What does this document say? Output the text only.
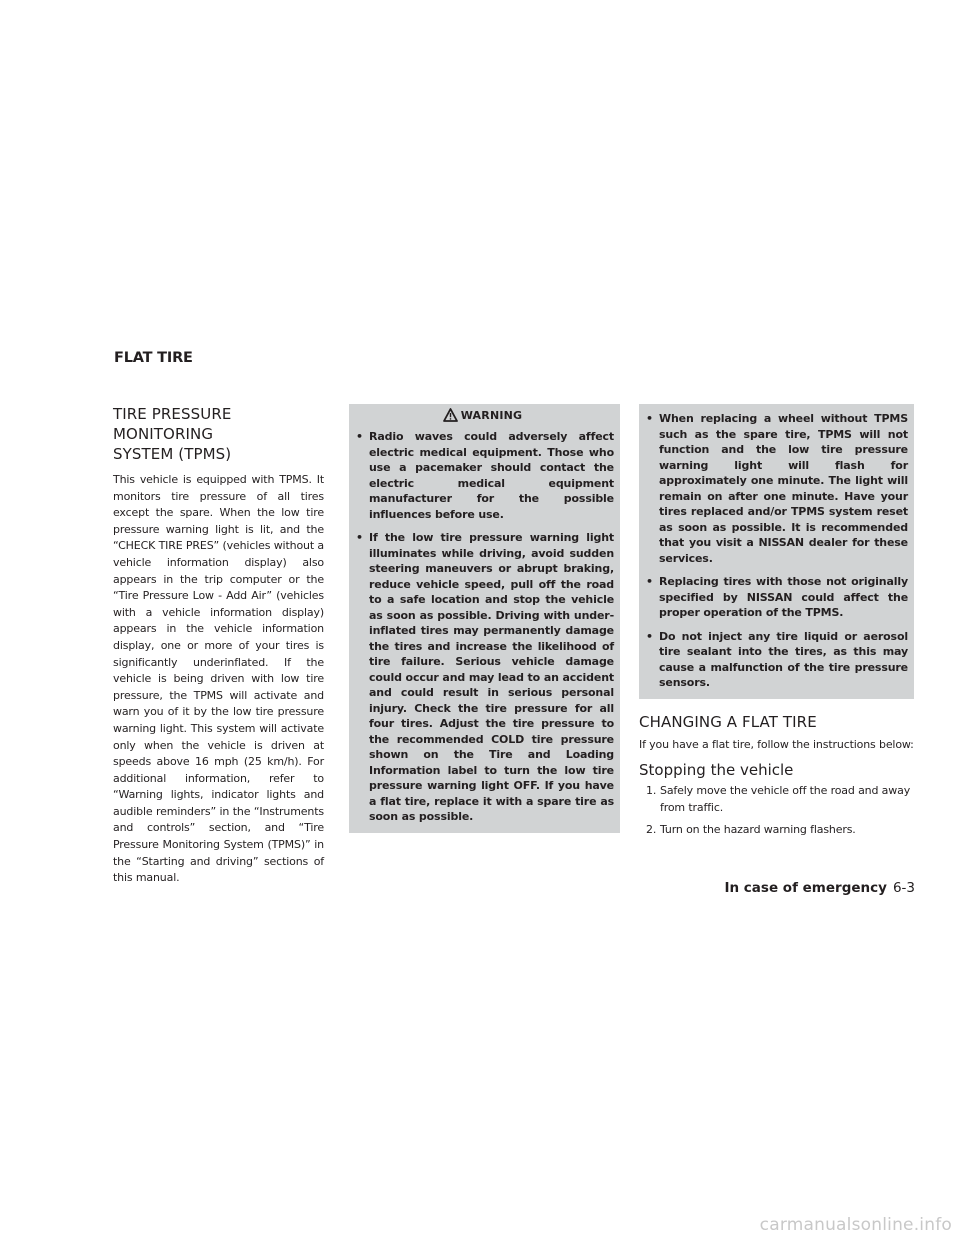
FLAT TIRE
TIRE PRESSURE MONITORING
SYSTEM (TPMS)

This vehicle is equipped with TPMS. It monitors tire pressure of all tires except the spare. When the low tire pressure warning light is lit, and the “CHECK TIRE PRES” (vehicles without a vehicle information display) also appears in the trip computer or the “Tire Pressure Low - Add Air” (vehicles with a vehicle information display) appears in the vehicle information display, one or more of your tires is significantly underinflated. If the vehicle is being driven with low tire pressure, the TPMS will activate and warn you of it by the low tire pressure warning light. This system will activate only when the vehicle is driven at speeds above 16 mph (25 km/h). For additional information, refer to “Warning lights, indicator lights and audible reminders” in the “Instruments and controls” section, and “Tire Pressure Monitoring System (TPMS)” in the “Starting and driving” sections of this manual.

WARNING
• Radio waves could adversely affect electric medical equipment. Those who use a pacemaker should contact the electric medical equipment manufacturer for the possible influences before use.
• If the low tire pressure warning light illuminates while driving, avoid sudden steering maneuvers or abrupt braking, reduce vehicle speed, pull off the road to a safe location and stop the vehicle as soon as possible. Driving with under-inflated tires may permanently damage the tires and increase the likelihood of tire failure. Serious vehicle damage could occur and may lead to an accident and could result in serious personal injury. Check the tire pressure for all four tires. Adjust the tire pressure to the recommended COLD tire pressure shown on the Tire and Loading Information label to turn the low tire pressure warning light OFF. If you have a flat tire, replace it with a spare tire as soon as possible.
• When replacing a wheel without TPMS such as the spare tire, TPMS will not function and the low tire pressure warning light will flash for approximately one minute. The light will remain on after one minute. Have your tires replaced and/or TPMS system reset as soon as possible. It is recommended that you visit a NISSAN dealer for these services.
• Replacing tires with those not originally specified by NISSAN could affect the proper operation of the TPMS.
• Do not inject any tire liquid or aerosol tire sealant into the tires, as this may cause a malfunction of the tire pressure sensors.
CHANGING A FLAT TIRE

If you have a flat tire, follow the instructions below:

Stopping the vehicle
1. Safely move the vehicle off the road and away from traffic.
2. Turn on the hazard warning flashers.
In case of emergency 6-3
carmanualsonline.info
